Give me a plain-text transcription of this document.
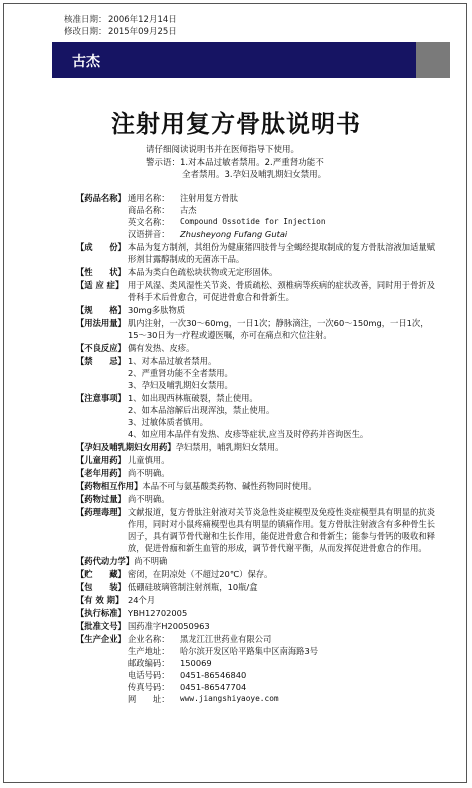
核准日期： 2006年12月14日
修改日期： 2015年09月25日
古杰
注射用复方骨肽说明书
请仔细阅读说明书并在医师指导下使用。
警示语：1.对本品过敏者禁用。2.严重肾功能不
全者禁用。3.孕妇及哺乳期妇女禁用。
【药品名称】 通用名称：	注射用复方骨肽
商品名称：	古杰
英文名称：	Compound Ossotide for Injection
汉语拼音：	Zhusheyong Fufang Gutai
【成　　份】 本品为复方制剂，其组份为健康猪四肢骨与全蝎经提取制成的复方骨肽溶液加适量赋形剂甘露醇制成的无菌冻干品。

【性　　状】 本品为类白色疏松块状物或无定形固体。

【适 应 症】 用于风湿、类风湿性关节炎、骨质疏松、颈椎病等疾病的症状改善，同时用于骨折及骨科手术后骨愈合，可促进骨愈合和骨新生。

【规　　格】 30mg多肽物质

【用法用量】 肌内注射，一次30～60mg，一日1次；静脉滴注，一次60～150mg，一日1次，15～30日为一疗程或遵医嘱，亦可在痛点和穴位注射。

【不良反应】 偶有发热、皮疹。

【禁　　忌】 1、对本品过敏者禁用。

2、严重肾功能不全者禁用。

3、孕妇及哺乳期妇女禁用。

【注意事项】 1、如出现西林瓶破裂，禁止使用。

2、如本品溶解后出现浑浊，禁止使用。

3、过敏体质者慎用。

4、如应用本品伴有发热、皮疹等症状,应当及时停药并咨询医生。

【孕妇及哺乳期妇女用药】 孕妇禁用，哺乳期妇女禁用。

【儿童用药】 儿童慎用。

【老年用药】 尚不明确。

【药物相互作用】 本品不可与氨基酸类药物、碱性药物同时使用。

【药物过量】 尚不明确。

【药理毒理】 文献报道，复方骨肽注射液对关节炎急性炎症模型及免疫性炎症模型具有明显的抗炎作用，同时对小鼠疼痛模型也具有明显的镇痛作用。复方骨肽注射液含有多种骨生长因子，具有调节骨代谢和生长作用，能促进骨愈合和骨新生；能参与骨钙的吸收和释放，促进骨痂和新生血管的形成，调节骨代谢平衡，从而发挥促进骨愈合的作用。

【药代动力学】 尚不明确

【贮　　藏】 密闭，在阴凉处（不超过20℃）保存。

【包　　装】 低硼硅玻璃管制注射剂瓶，10瓶/盒

【有 效 期】 24个月

【执行标准】 YBH12702005

【批准文号】 国药准字H20050963

【生产企业】 企业名称：	黑龙江江世药业有限公司
生产地址：	哈尔滨开发区哈平路集中区南海路3号
邮政编码：	150069
电话号码：	0451-86546840
传真号码：	0451-86547704
网　　址：	www.jiangshiyaoye.com
